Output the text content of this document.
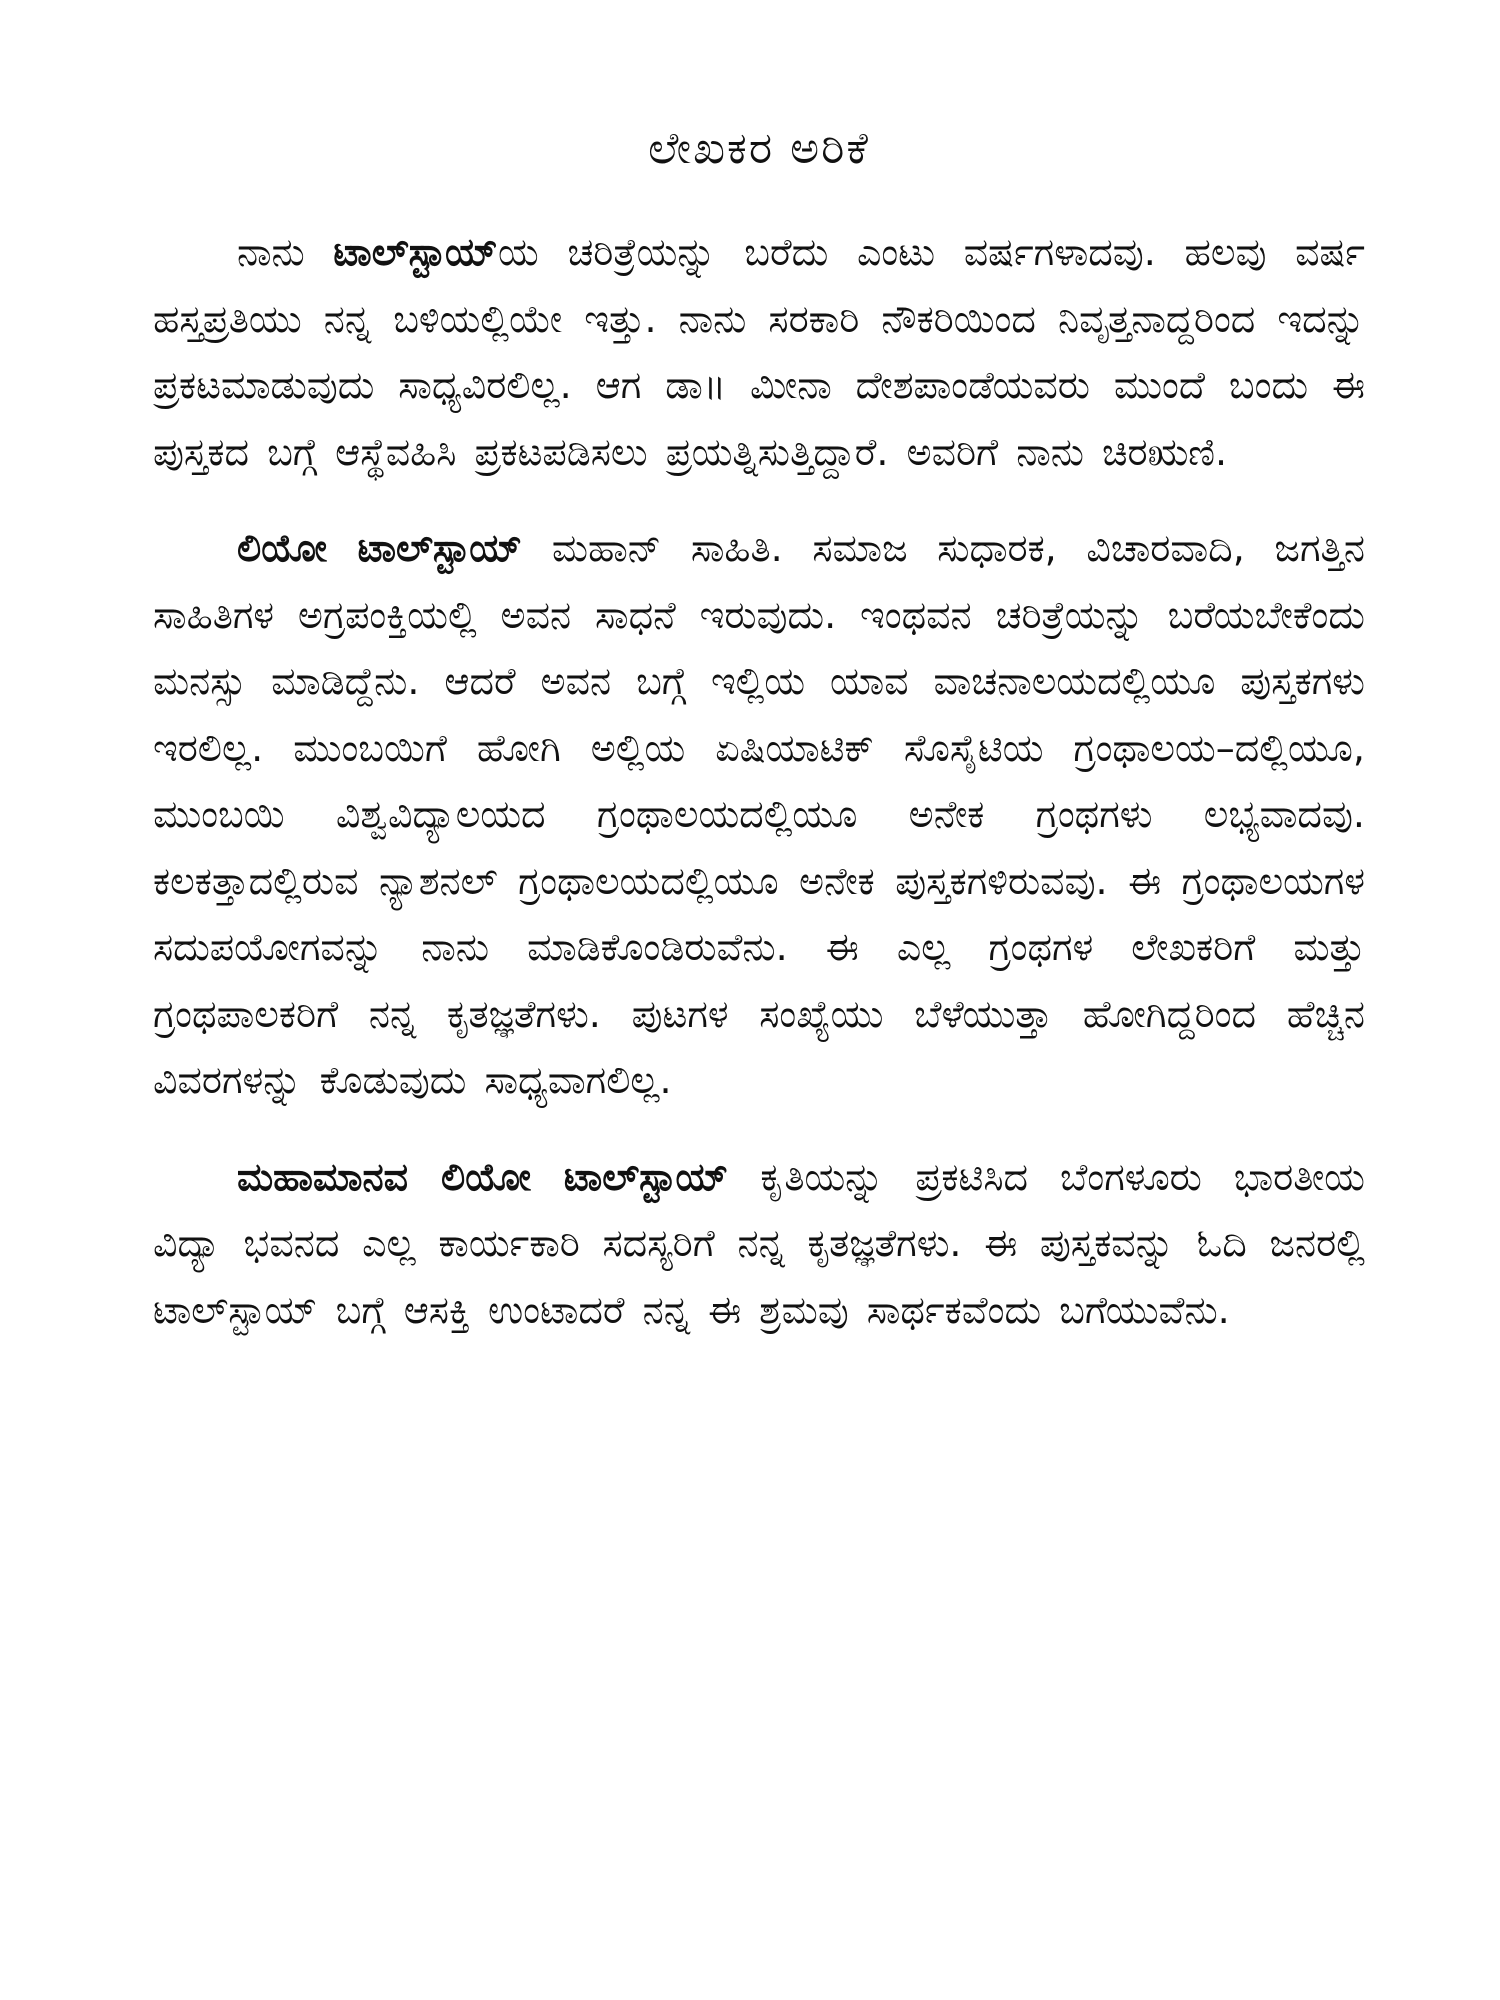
ಲೇಖಕರ ಅರಿಕೆ

ನಾನು ಟಾಲ್‌ಸ್ಟಾಯ್ಯ ಚರಿತ್ರೆಯನ್ನು ಬರೆದು ಎಂಟು ವರ್ಷಗಳಾದವು. ಹಲವು ವರ್ಷ ಹಸ್ತಪ್ರತಿಯು ನನ್ನ ಬಳಿಯಲ್ಲಿಯೇ ಇತ್ತು. ನಾನು ಸರಕಾರಿ ನೌಕರಿಯಿಂದ ನಿವೃತ್ತನಾದ್ದರಿಂದ ಇದನ್ನು ಪ್ರಕಟಮಾಡುವುದು ಸಾಧ್ಯವಿರಲಿಲ್ಲ. ಆಗ ಡಾ॥ ಮೀನಾ ದೇಶಪಾಂಡೆಯವರು ಮುಂದೆ ಬಂದು ಈ ಪುಸ್ತಕದ ಬಗ್ಗೆ ಆಸ್ಥೆವಹಿಸಿ ಪ್ರಕಟಪಡಿಸಲು ಪ್ರಯತ್ನಿಸುತ್ತಿದ್ದಾರೆ. ಅವರಿಗೆ ನಾನು ಚಿರಋಣಿ.

ಲಿಯೋ ಟಾಲ್‌ಸ್ಟಾಯ್ ಮಹಾನ್ ಸಾಹಿತಿ. ಸಮಾಜ ಸುಧಾರಕ, ವಿಚಾರವಾದಿ, ಜಗತ್ತಿನ ಸಾಹಿತಿಗಳ ಅಗ್ರಪಂಕ್ತಿಯಲ್ಲಿ ಅವನ ಸಾಧನೆ ಇರುವುದು. ಇಂಥವನ ಚರಿತ್ರೆಯನ್ನು ಬರೆಯಬೇಕೆಂದು ಮನಸ್ಸು ಮಾಡಿದ್ದೆನು. ಆದರೆ ಅವನ ಬಗ್ಗೆ ಇಲ್ಲಿಯ ಯಾವ ವಾಚನಾಲಯದಲ್ಲಿಯೂ ಪುಸ್ತಕಗಳು ಇರಲಿಲ್ಲ. ಮುಂಬಯಿಗೆ ಹೋಗಿ ಅಲ್ಲಿಯ ಏಷಿಯಾಟಿಕ್ ಸೊಸೈಟಿಯ ಗ್ರಂಥಾಲಯ–ದಲ್ಲಿಯೂ, ಮುಂಬಯಿ ವಿಶ್ವವಿದ್ಯಾಲಯದ ಗ್ರಂಥಾಲಯದಲ್ಲಿಯೂ ಅನೇಕ ಗ್ರಂಥಗಳು ಲಭ್ಯವಾದವು. ಕಲಕತ್ತಾದಲ್ಲಿರುವ ನ್ಯಾಶನಲ್ ಗ್ರಂಥಾಲಯದಲ್ಲಿಯೂ ಅನೇಕ ಪುಸ್ತಕಗಳಿರುವವು. ಈ ಗ್ರಂಥಾಲಯಗಳ ಸದುಪಯೋಗವನ್ನು ನಾನು ಮಾಡಿಕೊಂಡಿರುವೆನು. ಈ ಎಲ್ಲ ಗ್ರಂಥಗಳ ಲೇಖಕರಿಗೆ ಮತ್ತು ಗ್ರಂಥಪಾಲಕರಿಗೆ ನನ್ನ ಕೃತಜ್ಞತೆಗಳು. ಪುಟಗಳ ಸಂಖ್ಯೆಯು ಬೆಳೆಯುತ್ತಾ ಹೋಗಿದ್ದರಿಂದ ಹೆಚ್ಚಿನ ವಿವರಗಳನ್ನು ಕೊಡುವುದು ಸಾಧ್ಯವಾಗಲಿಲ್ಲ.

ಮಹಾಮಾನವ ಲಿಯೋ ಟಾಲ್‌ಸ್ಟಾಯ್ ಕೃತಿಯನ್ನು ಪ್ರಕಟಿಸಿದ ಬೆಂಗಳೂರು ಭಾರತೀಯ ವಿದ್ಯಾ ಭವನದ ಎಲ್ಲ ಕಾರ್ಯಕಾರಿ ಸದಸ್ಯರಿಗೆ ನನ್ನ ಕೃತಜ್ಞತೆಗಳು. ಈ ಪುಸ್ತಕವನ್ನು ಓದಿ ಜನರಲ್ಲಿ ಟಾಲ್‌ಸ್ಟಾಯ್ ಬಗ್ಗೆ ಆಸಕ್ತಿ ಉಂಟಾದರೆ ನನ್ನ ಈ ಶ್ರಮವು ಸಾರ್ಥಕವೆಂದು ಬಗೆಯುವೆನು.
